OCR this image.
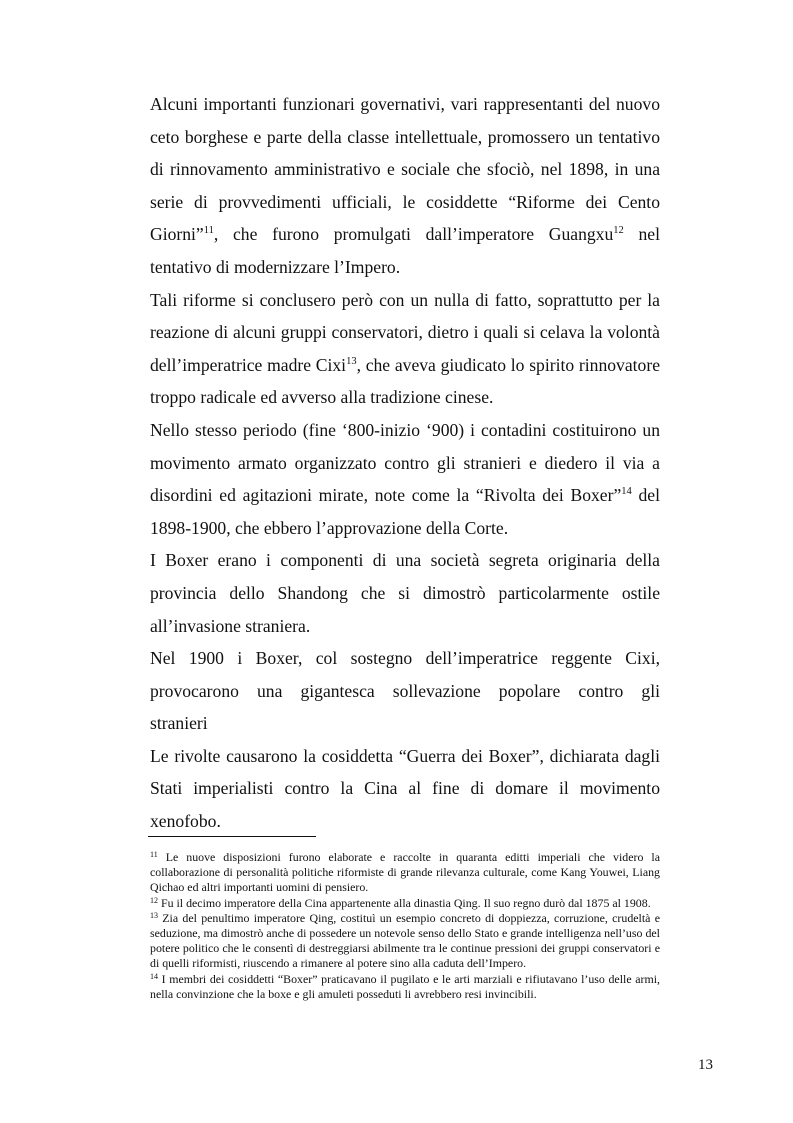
Alcuni importanti funzionari governativi, vari rappresentanti del nuovo ceto borghese e parte della classe intellettuale, promossero un tentativo di rinnovamento amministrativo e sociale che sfociò, nel 1898, in una serie di provvedimenti ufficiali, le cosiddette “Riforme dei Cento Giorni”$^{11}$, che furono promulgati dall’imperatore Guangxu$^{12}$ nel tentativo di modernizzare l’Impero.

Tali riforme si conclusero però con un nulla di fatto, soprattutto per la reazione di alcuni gruppi conservatori, dietro i quali si celava la volontà dell’imperatrice madre Cixi$^{13}$, che aveva giudicato lo spirito rinnovatore troppo radicale ed avverso alla tradizione cinese.

Nello stesso periodo (fine ‘800-inizio ‘900) i contadini costituirono un movimento armato organizzato contro gli stranieri e diedero il via a disordini ed agitazioni mirate, note come la “Rivolta dei Boxer”$^{14}$ del 1898-1900, che ebbero l’approvazione della Corte.

I Boxer erano i componenti di una società segreta originaria della provincia dello Shandong che si dimostrò particolarmente ostile all’invasione straniera.

Nel 1900 i Boxer, col sostegno dell’imperatrice reggente Cixi, provocarono una gigantesca sollevazione popolare contro gli
stranieri

Le rivolte causarono la cosiddetta “Guerra dei Boxer”, dichiarata dagli Stati imperialisti contro la Cina al fine di domare il movimento xenofobo.

$^{11}$ Le nuove disposizioni furono elaborate e raccolte in quaranta editti imperiali che videro la collaborazione di personalità politiche riformiste di grande rilevanza culturale, come Kang Youwei, Liang Qichao ed altri importanti uomini di pensiero.

$^{12}$ Fu il decimo imperatore della Cina appartenente alla dinastia Qing. Il suo regno durò dal 1875 al 1908.

$^{13}$ Zia del penultimo imperatore Qing, costituì un esempio concreto di doppiezza, corruzione, crudeltà e seduzione, ma dimostrò anche di possedere un notevole senso dello Stato e grande intelligenza nell’uso del potere politico che le consentì di destreggiarsi abilmente tra le continue pressioni dei gruppi conservatori e di quelli riformisti, riuscendo a rimanere al potere sino alla caduta dell’Impero.

$^{14}$ I membri dei cosiddetti “Boxer” praticavano il pugilato e le arti marziali e rifiutavano l’uso delle armi, nella convinzione che la boxe e gli amuleti posseduti li avrebbero resi invincibili.

13
